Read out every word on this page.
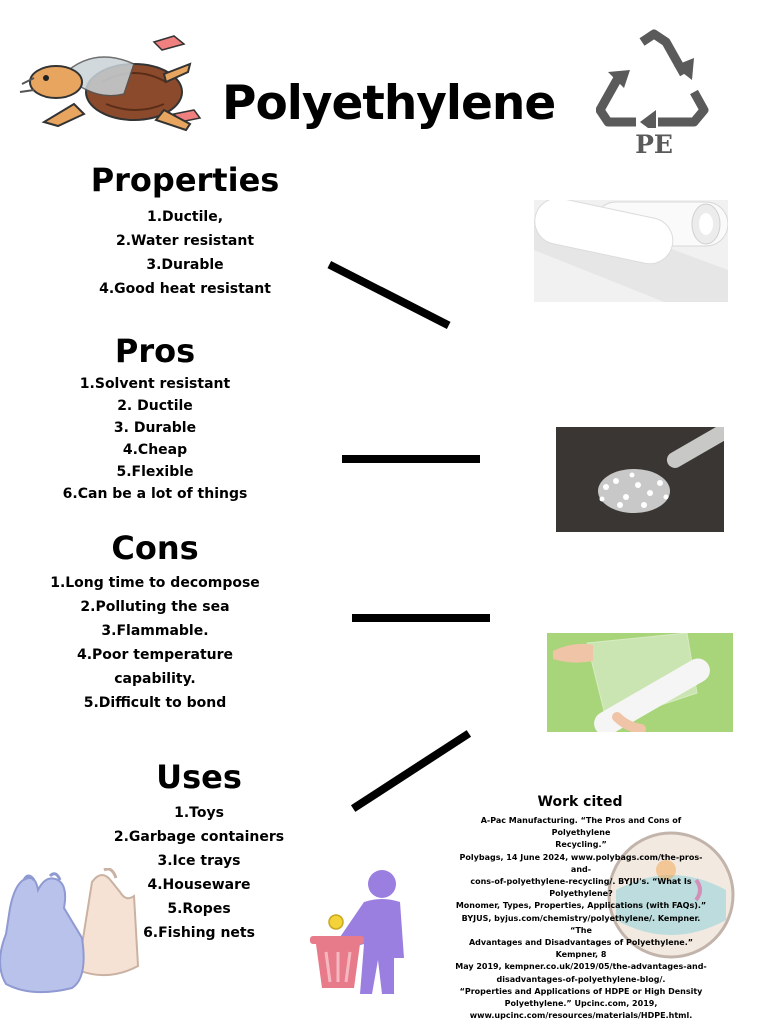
Polyethylene
PE
Properties
1.Ductile,
2.Water resistant
3.Durable
4.Good heat resistant
Pros
1.Solvent resistant
2. Ductile
3. Durable
4.Cheap
5.Flexible
6.Can be a lot of things
Cons
1.Long time to decompose
2.Polluting the sea
3.Flammable.
4.Poor temperature
capability.
5.Difficult to bond
Uses
1.Toys
2.Garbage containers
3.Ice trays
4.Houseware
5.Ropes
6.Fishing nets
Work cited
A-Pac Manufacturing. “The Pros and Cons of Polyethylene
Recycling.”
Polybags, 14 June 2024, www.polybags.com/the-pros-and-
cons-of-polyethylene-recycling/. BYJU's. “What Is
Polyethylene?
Monomer, Types, Properties, Applications (with FAQs).”
BYJUS, byjus.com/chemistry/polyethylene/. Kempner. “The
Advantages and Disadvantages of Polyethylene.” Kempner, 8
May 2019, kempner.co.uk/2019/05/the-advantages-and-
disadvantages-of-polyethylene-blog/.
“Properties and Applications of HDPE or High Density
Polyethylene.” Upcinc.com, 2019,
www.upcinc.com/resources/materials/HDPE.html.
